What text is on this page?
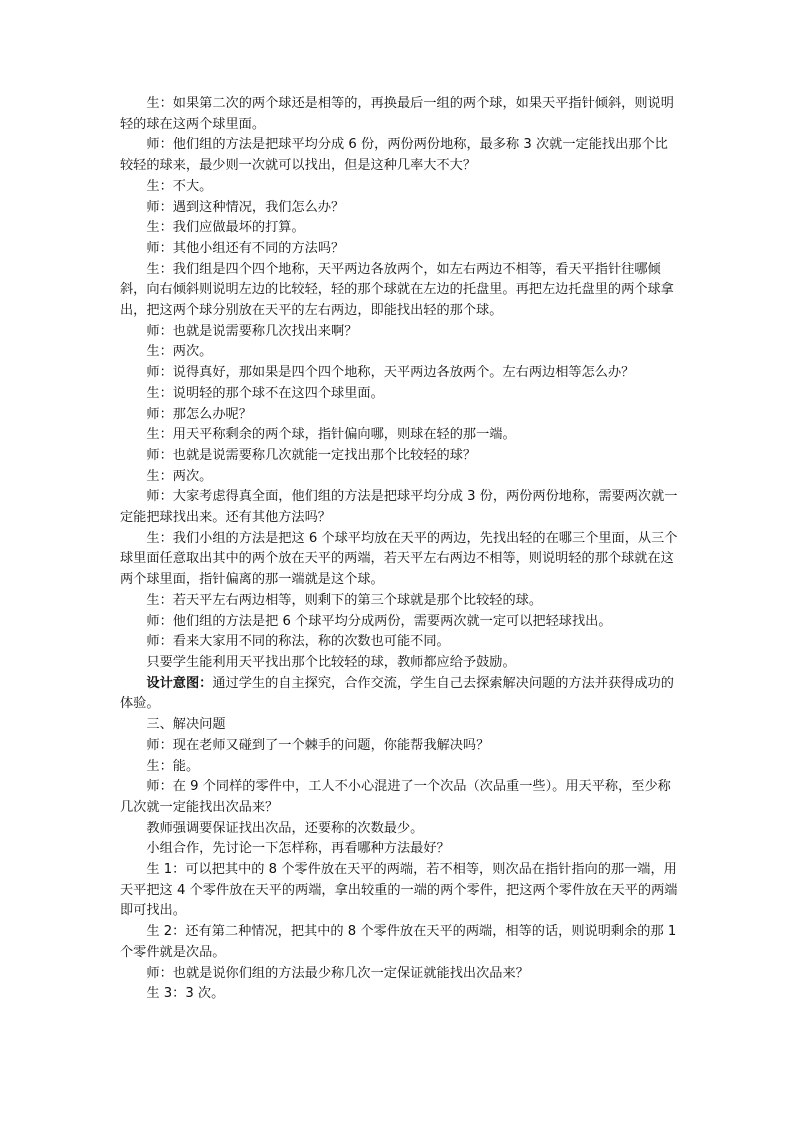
生：如果第二次的两个球还是相等的，再换最后一组的两个球，如果天平指针倾斜，则说明轻的球在这两个球里面。

师：他们组的方法是把球平均分成 6 份，两份两份地称，最多称 3 次就一定能找出那个比较轻的球来，最少则一次就可以找出，但是这种几率大不大？

生：不大。

师：遇到这种情况，我们怎么办？

生：我们应做最坏的打算。

师：其他小组还有不同的方法吗？

生：我们组是四个四个地称，天平两边各放两个，如左右两边不相等，看天平指针往哪倾斜，向右倾斜则说明左边的比较轻，轻的那个球就在左边的托盘里。再把左边托盘里的两个球拿出，把这两个球分别放在天平的左右两边，即能找出轻的那个球。

师：也就是说需要称几次找出来啊？

生：两次。

师：说得真好，那如果是四个四个地称，天平两边各放两个。左右两边相等怎么办？

生：说明轻的那个球不在这四个球里面。

师：那怎么办呢？

生：用天平称剩余的两个球，指针偏向哪，则球在轻的那一端。

师：也就是说需要称几次就能一定找出那个比较轻的球？

生：两次。

师：大家考虑得真全面，他们组的方法是把球平均分成 3 份，两份两份地称，需要两次就一定能把球找出来。还有其他方法吗？

生：我们小组的方法是把这 6 个球平均放在天平的两边，先找出轻的在哪三个里面，从三个球里面任意取出其中的两个放在天平的两端，若天平左右两边不相等，则说明轻的那个球就在这两个球里面，指针偏离的那一端就是这个球。

生：若天平左右两边相等，则剩下的第三个球就是那个比较轻的球。

师：他们组的方法是把 6 个球平均分成两份，需要两次就一定可以把轻球找出。

师：看来大家用不同的称法，称的次数也可能不同。

只要学生能利用天平找出那个比较轻的球，教师都应给予鼓励。

设计意图：通过学生的自主探究，合作交流，学生自己去探索解决问题的方法并获得成功的体验。

三、解决问题

师：现在老师又碰到了一个棘手的问题，你能帮我解决吗？

生：能。

师：在 9 个同样的零件中，工人不小心混进了一个次品（次品重一些）。用天平称，至少称几次就一定能找出次品来？

教师强调要保证找出次品，还要称的次数最少。

小组合作，先讨论一下怎样称，再看哪种方法最好？

生 1：可以把其中的 8 个零件放在天平的两端，若不相等，则次品在指针指向的那一端，用天平把这 4 个零件放在天平的两端，拿出较重的一端的两个零件，把这两个零件放在天平的两端即可找出。

生 2：还有第二种情况，把其中的 8 个零件放在天平的两端，相等的话，则说明剩余的那 1 个零件就是次品。

师：也就是说你们组的方法最少称几次一定保证就能找出次品来？

生 3：3 次。
